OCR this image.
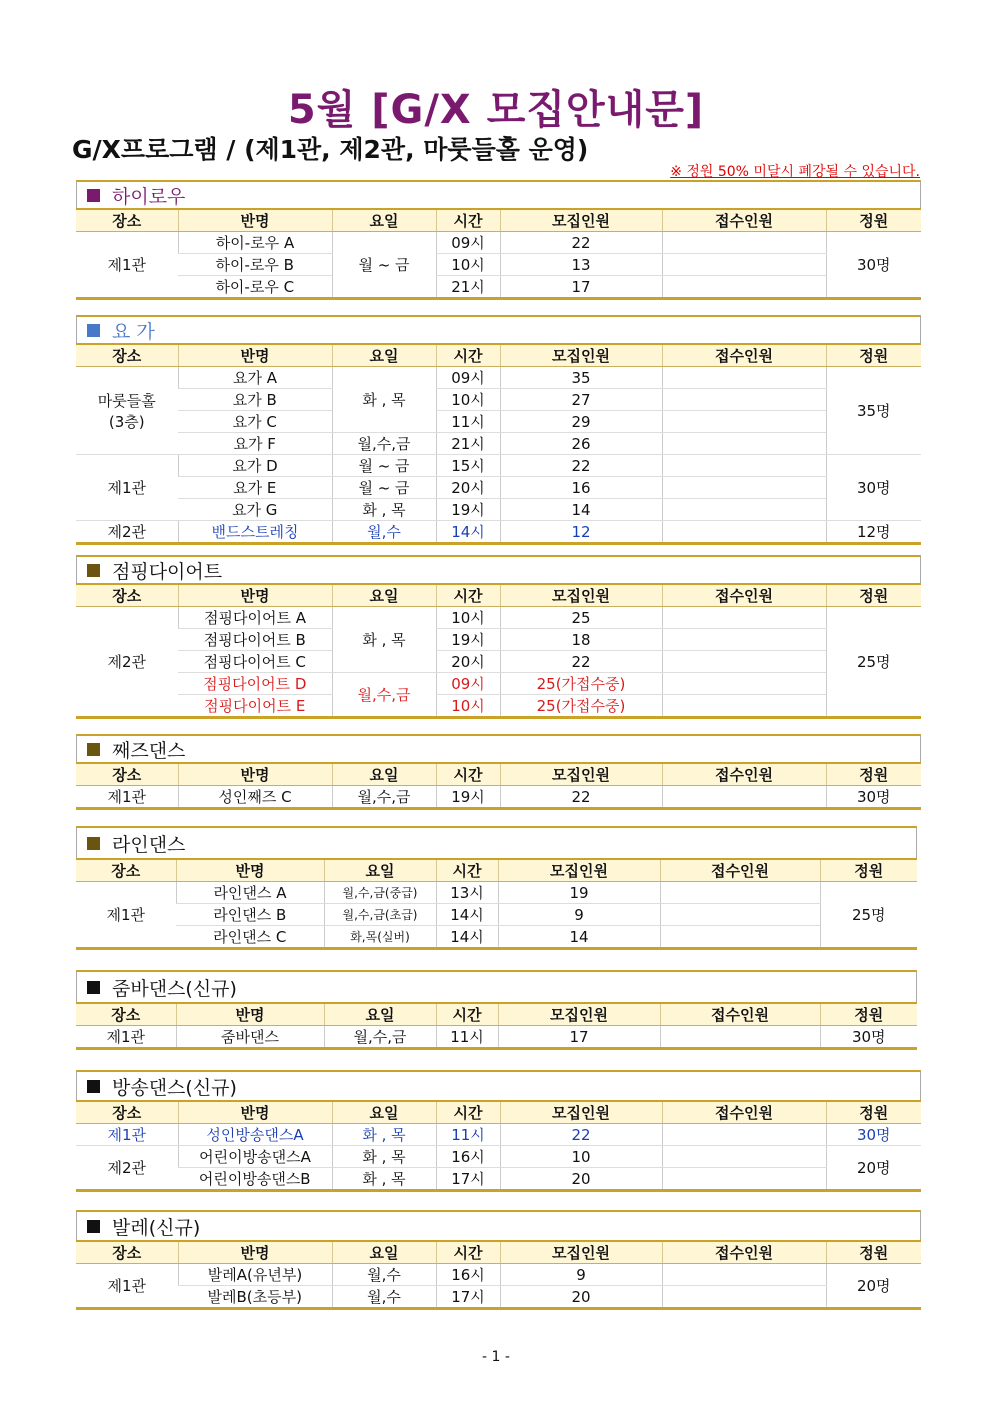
5월 [G/X 모집안내문]
G/X프로그램 / (제1관, 제2관, 마룻들홀 운영)
※ 정원 50% 미달시 폐강될 수 있습니다.
하이로우
장소	반명	요일	시간	모집인원	접수인원	정원
제1관	하이-로우 A	월 ~ 금	09시	22		30명
	하이-로우 B		10시	13		
	하이-로우 C		21시	17		
요 가
장소	반명	요일	시간	모집인원	접수인원	정원
마룻들홀
(3층)	요가 A	화 , 목	09시	35		35명
	요가 B		10시	27		
	요가 C		11시	29		
	요가 F	월,수,금	21시	26		
제1관	요가 D	월 ~ 금	15시	22		30명
	요가 E	월 ~ 금	20시	16		
	요가 G	화 , 목	19시	14		
제2관	밴드스트레칭	월,수	14시	12		12명
점핑다이어트
장소	반명	요일	시간	모집인원	접수인원	정원
제2관	점핑다이어트 A	화 , 목	10시	25		25명
	점핑다이어트 B		19시	18		
	점핑다이어트 C		20시	22		
	점핑다이어트 D	월,수,금	09시	25(가접수중)		
	점핑다이어트 E		10시	25(가접수중)		
째즈댄스
장소	반명	요일	시간	모집인원	접수인원	정원
제1관	성인째즈 C	월,수,금	19시	22		30명
라인댄스
장소	반명	요일	시간	모집인원	접수인원	정원
제1관	라인댄스 A	월,수,금(중급)	13시	19		25명
	라인댄스 B	월,수,금(초급)	14시	9		
	라인댄스 C	화,목(실버)	14시	14		
줌바댄스(신규)
장소	반명	요일	시간	모집인원	접수인원	정원
제1관	줌바댄스	월,수,금	11시	17		30명
방송댄스(신규)
장소	반명	요일	시간	모집인원	접수인원	정원
제1관	성인방송댄스A	화 , 목	11시	22		30명
제2관	어린이방송댄스A	화 , 목	16시	10		20명
	어린이방송댄스B	화 , 목	17시	20		
발레(신규)
장소	반명	요일	시간	모집인원	접수인원	정원
제1관	발레A(유년부)	월,수	16시	9		20명
	발레B(초등부)	월,수	17시	20		
- 1 -
